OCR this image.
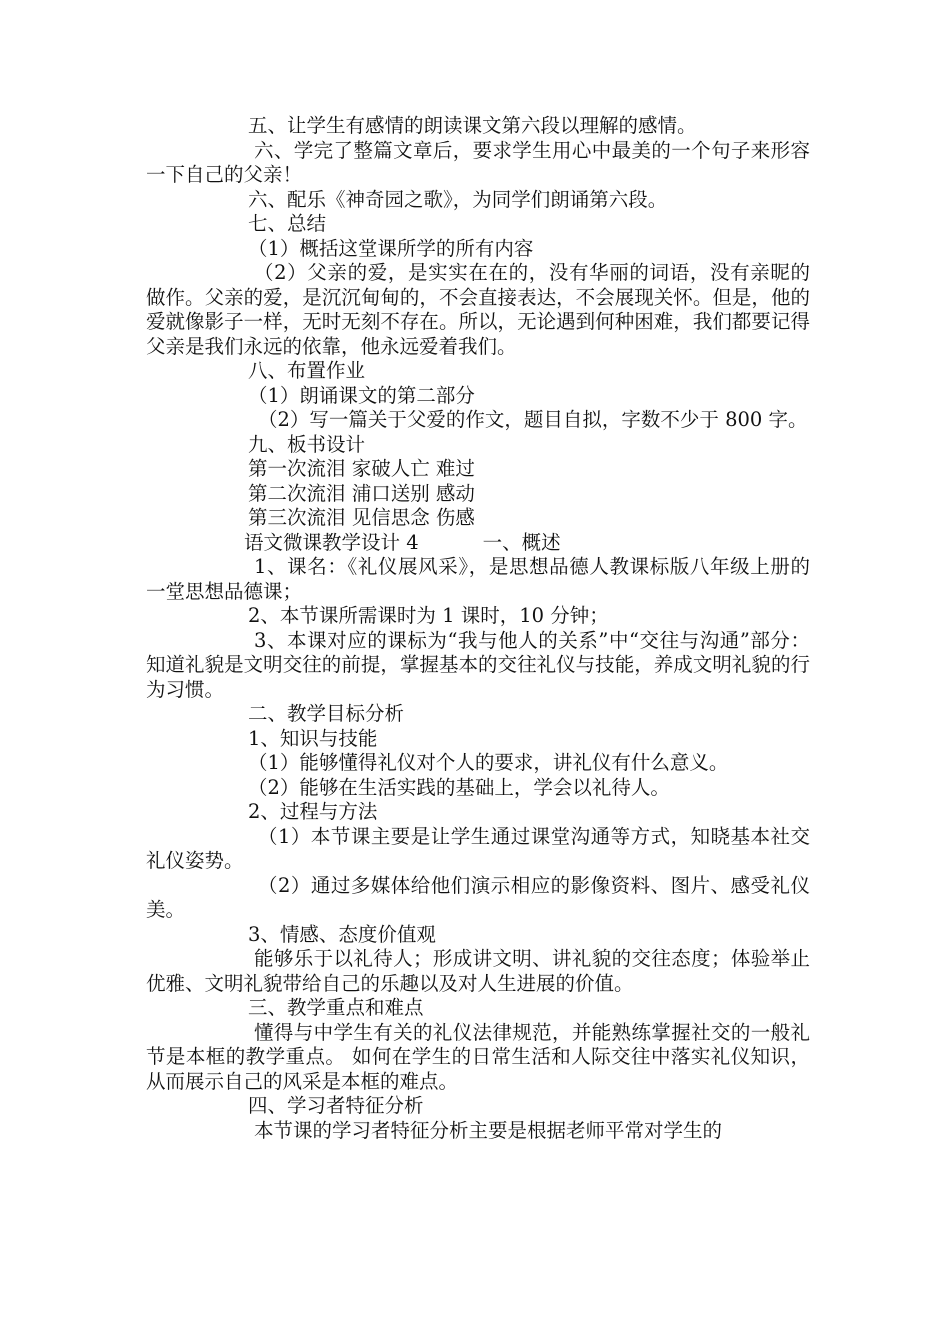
五、让学生有感情的朗读课文第六段以理解的感情。

六、学完了整篇文章后，要求学生用心中最美的一个句子来形容一下自己的父亲！

六、配乐《神奇园之歌》，为同学们朗诵第六段。

七、总结

（1）概括这堂课所学的所有内容

（2）父亲的爱，是实实在在的，没有华丽的词语，没有亲昵的做作。父亲的爱，是沉沉甸甸的，不会直接表达，不会展现关怀。但是，他的爱就像影子一样，无时无刻不存在。所以，无论遇到何种困难，我们都要记得父亲是我们永远的依靠，他永远爱着我们。

八、布置作业

（1）朗诵课文的第二部分

（2）写一篇关于父爱的作文，题目自拟，字数不少于 800 字。

九、板书设计

第一次流泪 家破人亡 难过

第二次流泪 浦口送别 感动

第三次流泪 见信思念 伤感

语文微课教学设计 4	一、概述

1、课名：《礼仪展风采》，是思想品德人教课标版八年级上册的一堂思想品德课；

2、本节课所需课时为 1 课时，10 分钟；

3、本课对应的课标为“我与他人的关系”中“交往与沟通”部分：知道礼貌是文明交往的前提，掌握基本的交往礼仪与技能，养成文明礼貌的行为习惯。

二、教学目标分析

1、知识与技能

（1）能够懂得礼仪对个人的要求，讲礼仪有什么意义。

（2）能够在生活实践的基础上，学会以礼待人。

2、过程与方法

（1）本节课主要是让学生通过课堂沟通等方式，知晓基本社交礼仪姿势。

（2）通过多媒体给他们演示相应的影像资料、图片、感受礼仪美。

3、情感、态度价值观

能够乐于以礼待人；形成讲文明、讲礼貌的交往态度；体验举止优雅、文明礼貌带给自己的乐趣以及对人生进展的价值。

三、教学重点和难点

懂得与中学生有关的礼仪法律规范，并能熟练掌握社交的一般礼节是本框的教学重点。 如何在学生的日常生活和人际交往中落实礼仪知识，从而展示自己的风采是本框的难点。

四、学习者特征分析

本节课的学习者特征分析主要是根据老师平常对学生的
